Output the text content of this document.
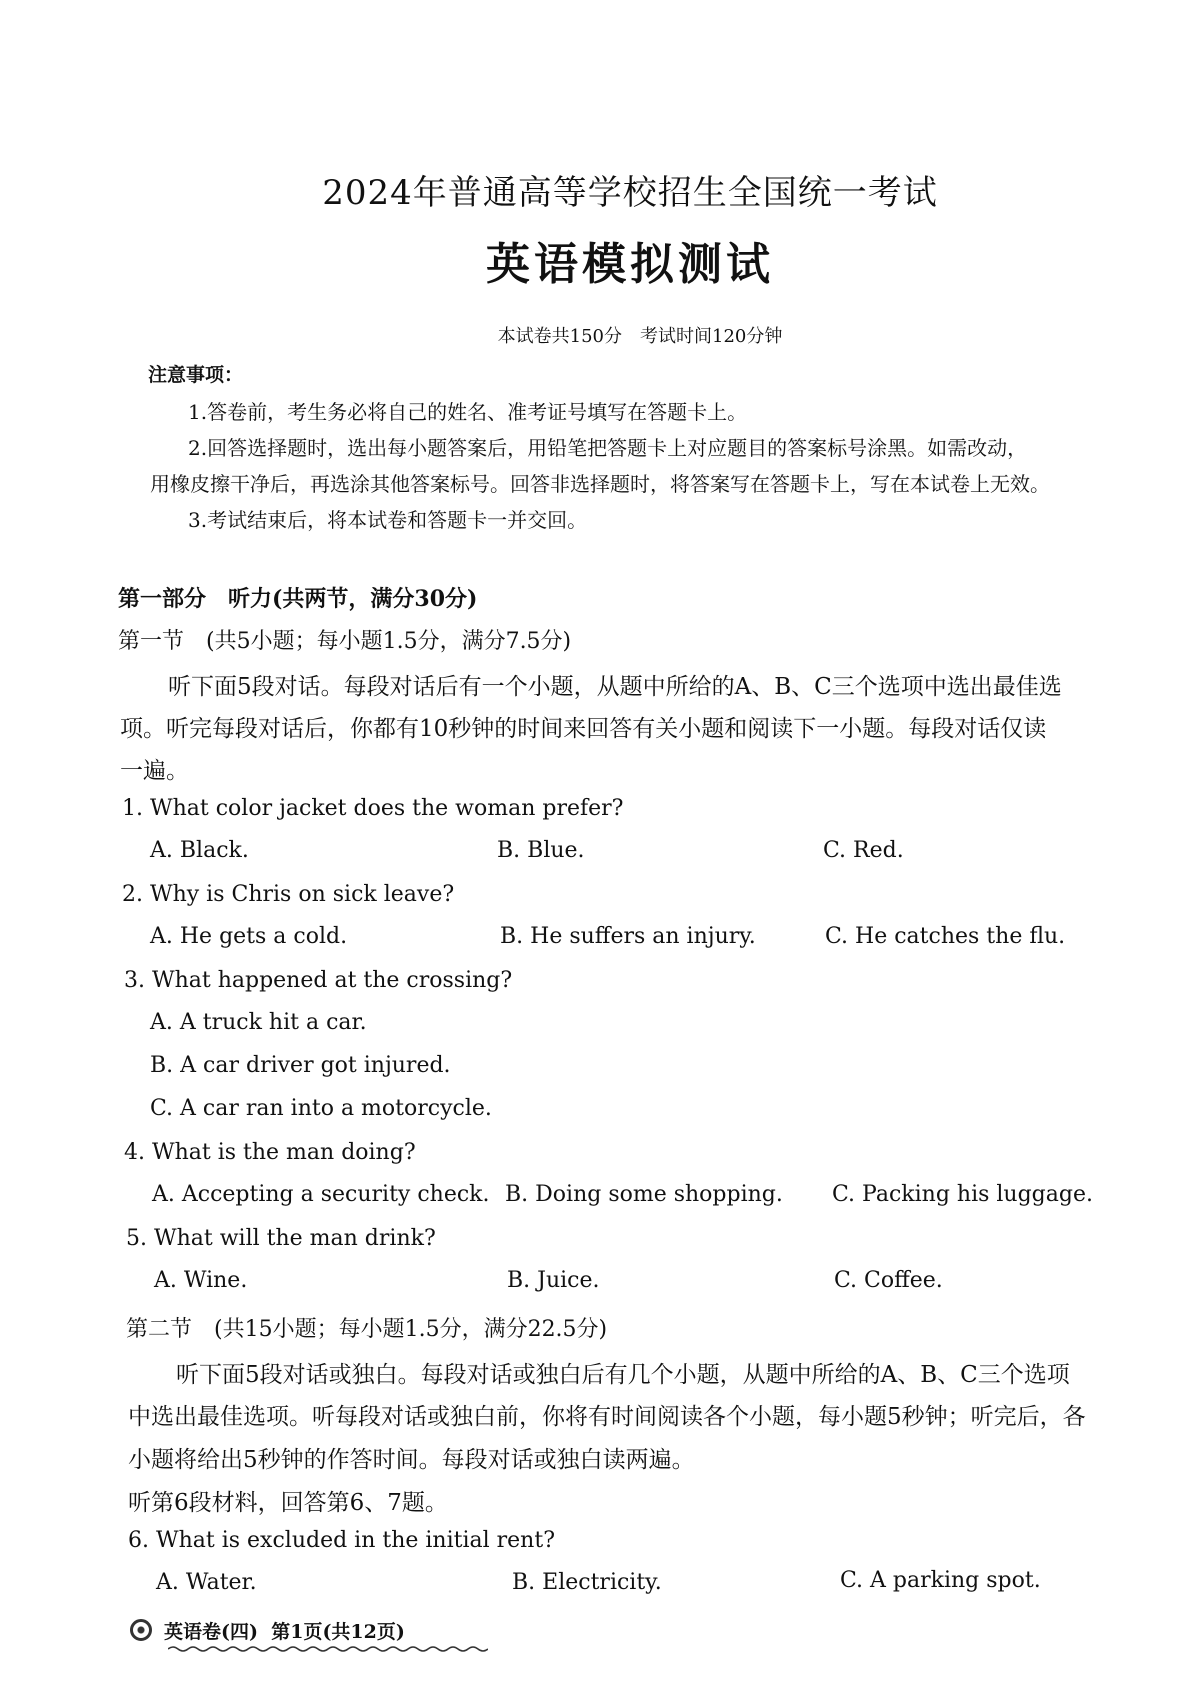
2024年普通高等学校招生全国统一考试
英语模拟测试
本试卷共150分　考试时间120分钟
注意事项：
1.答卷前，考生务必将自己的姓名、准考证号填写在答题卡上。
2.回答选择题时，选出每小题答案后，用铅笔把答题卡上对应题目的答案标号涂黑。如需改动，
用橡皮擦干净后，再选涂其他答案标号。回答非选择题时，将答案写在答题卡上，写在本试卷上无效。
3.考试结束后，将本试卷和答题卡一并交回。
第一部分　听力(共两节，满分30分)
第一节　(共5小题；每小题1.5分，满分7.5分)
听下面5段对话。每段对话后有一个小题，从题中所给的A、B、C三个选项中选出最佳选
项。听完每段对话后，你都有10秒钟的时间来回答有关小题和阅读下一小题。每段对话仅读
一遍。
1. What color jacket does the woman prefer?
A. Black.	B. Blue.	C. Red.
2. Why is Chris on sick leave?
A. He gets a cold.	B. He suffers an injury.	C. He catches the flu.
3. What happened at the crossing?
A. A truck hit a car.
B. A car driver got injured.
C. A car ran into a motorcycle.
4. What is the man doing?
A. Accepting a security check. B. Doing some shopping. C. Packing his luggage.
5. What will the man drink?
A. Wine.	B. Juice.	C. Coffee.
第二节　(共15小题；每小题1.5分，满分22.5分)
听下面5段对话或独白。每段对话或独白后有几个小题，从题中所给的A、B、C三个选项
中选出最佳选项。听每段对话或独白前，你将有时间阅读各个小题，每小题5秒钟；听完后，各
小题将给出5秒钟的作答时间。每段对话或独白读两遍。
听第6段材料，回答第6、7题。
6. What is excluded in the initial rent?
A. Water.	B. Electricity.	C. A parking spot.
英语卷(四) 第1页(共12页)
